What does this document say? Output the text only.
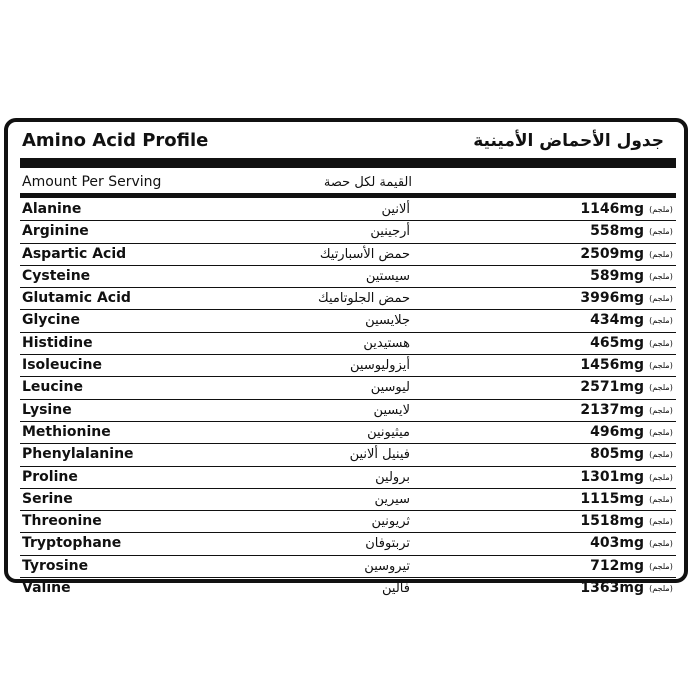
Amino Acid Profile	جدول الأحماض الأمينية
Amount Per Serving	القيمة لكل حصة
Alanine	ألانين	1146mg (ملجم)
Arginine	أرجينين	558mg (ملجم)
Aspartic Acid	حمض الأسبارتيك	2509mg (ملجم)
Cysteine	سيستين	589mg (ملجم)
Glutamic Acid	حمض الجلوتاميك	3996mg (ملجم)
Glycine	جلايسين	434mg (ملجم)
Histidine	هستيدين	465mg (ملجم)
Isoleucine	أيزوليوسين	1456mg (ملجم)
Leucine	ليوسين	2571mg (ملجم)
Lysine	لايسين	2137mg (ملجم)
Methionine	ميثيونين	496mg (ملجم)
Phenylalanine	فينيل ألانين	805mg (ملجم)
Proline	برولين	1301mg (ملجم)
Serine	سيرين	1115mg (ملجم)
Threonine	ثريونين	1518mg (ملجم)
Tryptophane	تربتوفان	403mg (ملجم)
Tyrosine	تيروسين	712mg (ملجم)
Valine	فالين	1363mg (ملجم)
